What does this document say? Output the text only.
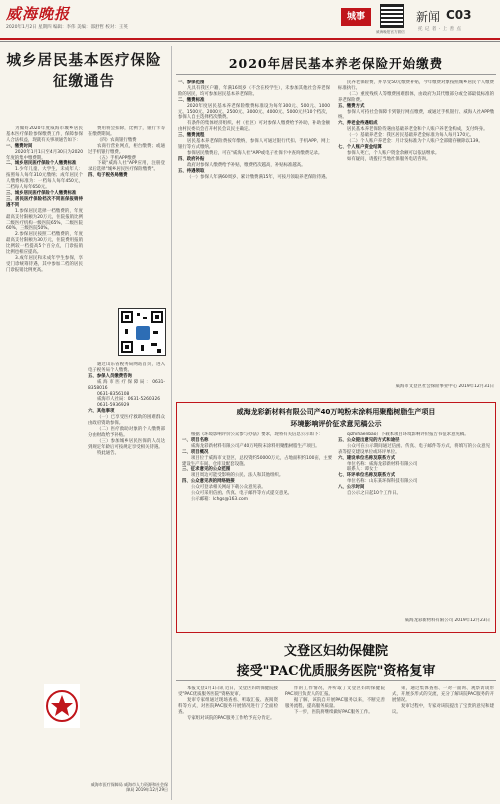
威海晚报
2020年1月2日 星期四 编辑：李伟 美编：邵舒哲 校对：王英
城事
威海晚报官方微信
新闻 C03
托 记 者 · 上 善 点
城乡居民基本医疗保险
征缴通告

为做好2020年度威海市城乡居民基本医疗保险参保缴费工作，保障参保人合法权益，现就有关事项通告如下：

一、缴费时间

2020年1月1日至4月30日为2020年度的集中缴费期。

二、城乡居民医疗保险个人缴费标准

1.少年儿童、大学生、未成年人：按照每人每年310元缴纳；成年居民个人缴费标准为：一档每人每年450元，二档每人每年650元。

三、城乡居民医疗保险个人缴费标准

三、居民医疗保险档次不同医保报销待遇不同

1.参保居民选择一档缴费的，年度最高支付限额为20万元，住院报销比例二级医疗机构一级医院65%，二级医院60%，三级医院50%。

2.参保居民按照二档缴费的，年度最高支付限额为30万元，住院费用报销比例较一档提高5个百分点，门诊报销比例也相应提高。

3.成年居民和未成年学生参保，享受门诊统筹待遇，其中参加二档的居民门诊报销比例更高。

费用将会扣除，比例于，银行卡等在缴费期间。

（四）农商银行缴费

农商行营业网点，柜台缴费；或通过手机银行缴费。

（五）手机APP缴费

下载"威海人社"APP应用，注册登录后选择"城乡居民医疗保险缴费"。

四、电子税务局缴费

通过山东省税务局网站首页，进入电子税务局个人缴费。

五、参保人员缴费咨询

威海市医疗保障局：0631-8358016

0631-8356108

威海市人社局：0631-5260326

0631-5936929

六、其他事项

（一）已享受医疗救助的困难群众由政府资助参保。

（二）医疗救助对象的个人缴费部分由财政给予补贴。

（三）参加城乡居民医保的人员达到规定年龄后可按规定享受相关待遇。

特此通告。

威海市医疗保障局 威海市人力资源和社会保障局 2019年12月29日

2020年居民基本养老保险开始缴费

一、参保范围

凡具有我区户籍，年满16周岁（不含在校学生），未参加其他社会养老保险的居民，均可参加居民基本养老保险。

二、缴费标准

2020年度居民基本养老保险缴费标准设为每年300元、500元、1000元、1500元、2000元、2500元、3000元、4000元、5000元共10个档次，参保人自主选择档次缴费。

有条件的集体经济组织、村（社区）可对参保人缴费给予补助，补助金额由村民委员会召开村民会议民主确定。

三、缴费流程

居民基本养老保险费按年缴纳，参保人可通过银行代扣、手机APP、网上银行等方式缴纳。

参保居民缴费后，可在"威海人社"APP或电子社保卡中查询缴费记录。

四、政府补贴

政府对参保人缴费给予补贴，缴费档次越高，补贴标准越高。

五、待遇领取

（一）参保人年满60周岁、累计缴费满15年，可按月领取养老保险待遇。

民养老保险费，并享受50元缴费补贴，今年缴费对象按照城乡居民个人缴费标准执行。

（二）重度残疾人等缴费困难群体，由政府为其代缴部分或全部最低标准的养老保险费。

五、缴费方式

参保人可持社会保障卡到银行网点缴费，或通过手机银行、威海人社APP缴纳。

六、养老金待遇组成

居民基本养老保险待遇由基础养老金和个人账户养老金构成，支付终身。

（一）基础养老金：我区居民基础养老金标准为每人每月170元。

（二）个人账户养老金：月计发标准为个人账户全部储存额除以139。

七、个人账户资金结算

参保人死亡，个人账户资金余额可以依法继承。

如有疑问，请拨打当地社保服务电话咨询。

威海市文登区社会保险事业中心 2019年12月31日

威海龙彩新材料有限公司产40万吨粉末涂料用聚酯树脂生产项目
环境影响评价征求意见稿公示

根据《环境影响评价公众参与办法》要求，现将有关信息公示如下：

一、项目名称

威海龙彩新材料有限公司产40万吨粉末涂料用聚酯树脂生产项目。

二、项目概况

项目位于威海市文登区，总投资约50000万元，占地面积约100亩，主要建设生产车间、仓库及配套设施。

三、征求意见的公众范围

项目周边可能受影响的公民、法人和其他组织。

四、公众意见表的网络链接

公众可登录相关网站下载公众意见表。

公众可采用信函、传真、电子邮件等方式提交意见。

公示邮箱：lchgs@163.com

qizhihaenbao）下载本项目环境影响评价报告书征求意见稿。

五、公众提出意见的方式和途径

公众可在公示期间通过信函、传真、电子邮件等方式，将填写的公众意见表等提交建设单位或环评单位。

六、建设单位名称及联系方式

单位名称：威海龙彩新材料有限公司

联系人：谭女士

七、环评单位名称及联系方式

单位名称：山东某环保科技有限公司

八、公示时间

自公示之日起10个工作日。

威海龙彩新材料有限公司 2019年12月23日

文登区妇幼保健院
接受"PAC优质服务医院"资格复审

本报文登1月1日讯 近日，文登区妇幼保健院接受"PAC优质服务医院"资格复审。

复审专家组通过现场查看、听取汇报、查阅资料等方式，对医院PAC服务开展情况进行了全面检查。

专家组对该院的PAC服务工作给予充分肯定。

作的工作情况，并听取了文登区妇幼保健院PAC项目负责人的汇报。

据了解，该院自开展PAC服务以来，不断完善服务流程，提高服务质量。

下一步，医院将继续做好PAC服务工作。

束，通过集体查看、一对一面询、观察访谈形式，开展多形式的交流，充分了解该院PAC服务的开展情况。

复审过程中，专家对该院提出了宝贵的意见和建议。
